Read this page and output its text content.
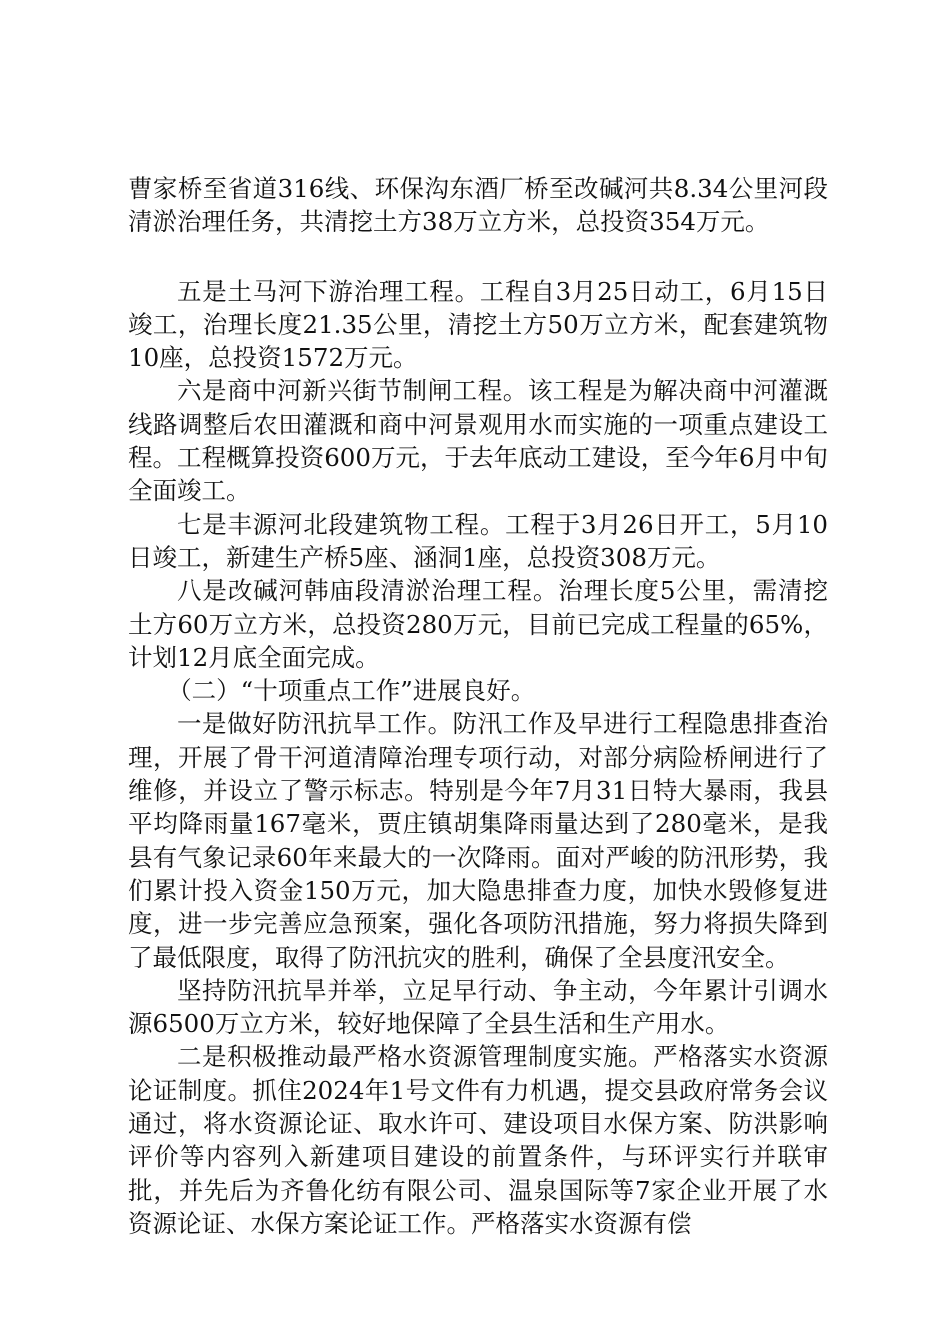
曹家桥至省道316线、环保沟东酒厂桥至改碱河共8.34公里河段清淤治理任务，共清挖土方38万立方米，总投资354万元。

五是土马河下游治理工程。工程自3月25日动工，6月15日竣工，治理长度21.35公里，清挖土方50万立方米，配套建筑物10座，总投资1572万元。

六是商中河新兴街节制闸工程。该工程是为解决商中河灌溉线路调整后农田灌溉和商中河景观用水而实施的一项重点建设工程。工程概算投资600万元，于去年底动工建设，至今年6月中旬全面竣工。

七是丰源河北段建筑物工程。工程于3月26日开工，5月10日竣工，新建生产桥5座、涵洞1座，总投资308万元。

八是改碱河韩庙段清淤治理工程。治理长度5公里，需清挖土方60万立方米，总投资280万元，目前已完成工程量的65%，计划12月底全面完成。

（二）“十项重点工作”进展良好。

一是做好防汛抗旱工作。防汛工作及早进行工程隐患排查治理，开展了骨干河道清障治理专项行动，对部分病险桥闸进行了维修，并设立了警示标志。特别是今年7月31日特大暴雨，我县平均降雨量167毫米，贾庄镇胡集降雨量达到了280毫米，是我县有气象记录60年来最大的一次降雨。面对严峻的防汛形势，我们累计投入资金150万元，加大隐患排查力度，加快水毁修复进度，进一步完善应急预案，强化各项防汛措施，努力将损失降到了最低限度，取得了防汛抗灾的胜利，确保了全县度汛安全。

坚持防汛抗旱并举，立足早行动、争主动，今年累计引调水源6500万立方米，较好地保障了全县生活和生产用水。

二是积极推动最严格水资源管理制度实施。严格落实水资源论证制度。抓住2024年1号文件有力机遇，提交县政府常务会议通过，将水资源论证、取水许可、建设项目水保方案、防洪影响评价等内容列入新建项目建设的前置条件，与环评实行并联审批，并先后为齐鲁化纺有限公司、温泉国际等7家企业开展了水资源论证、水保方案论证工作。严格落实水资源有偿
